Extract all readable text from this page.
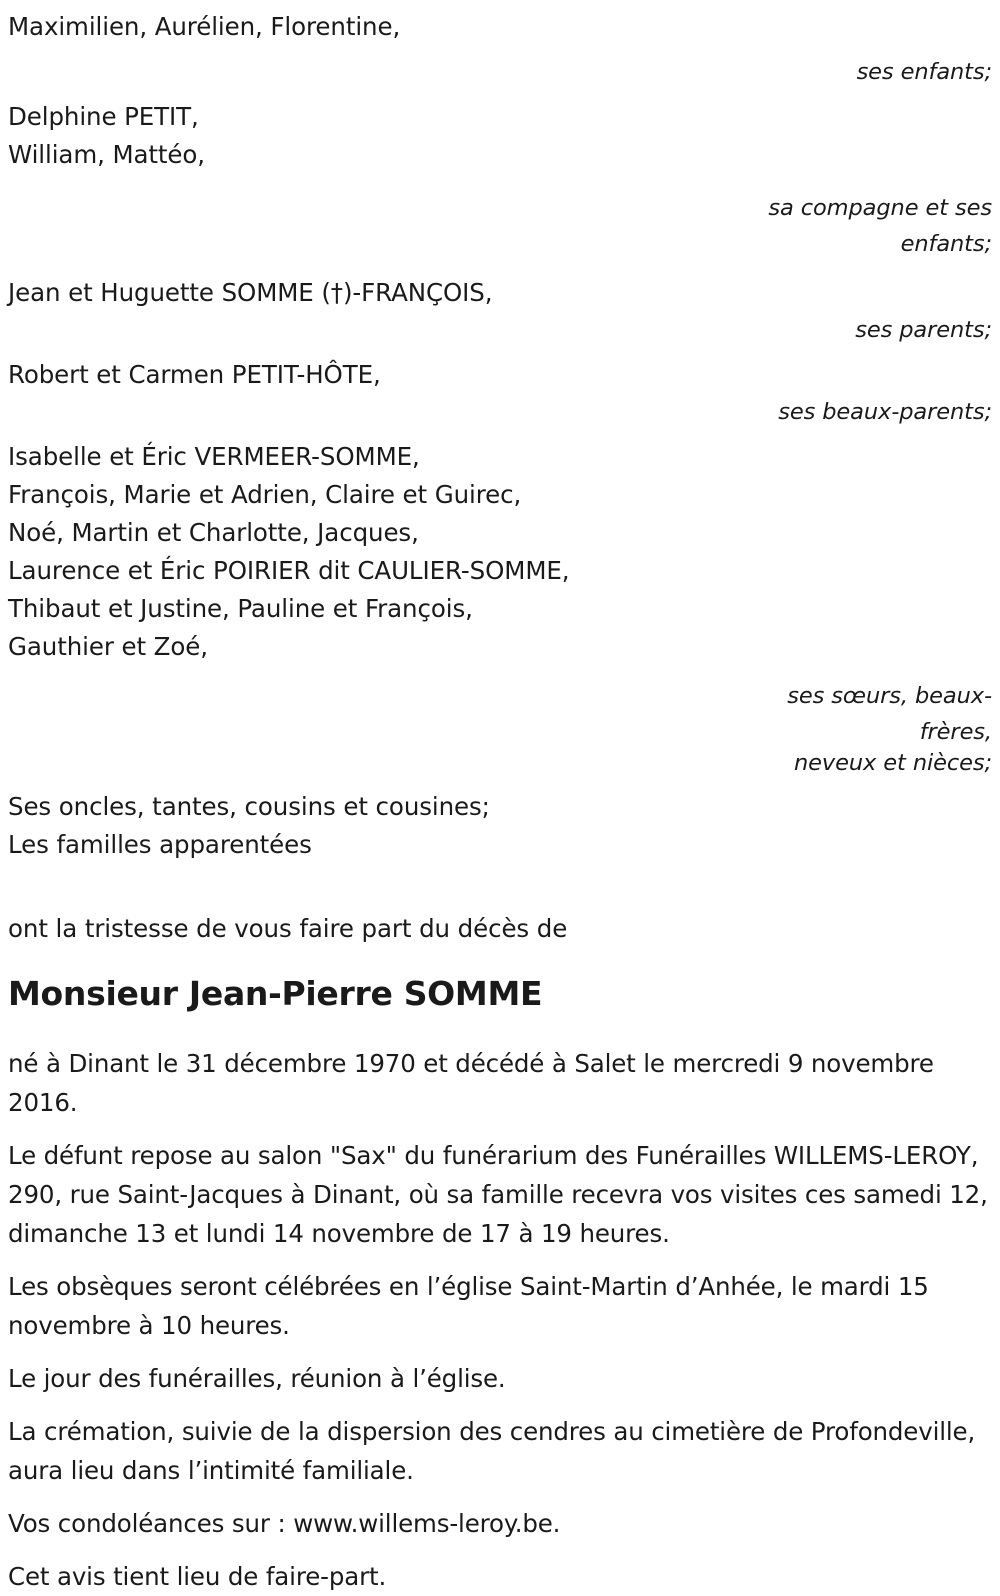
Maximilien, Aurélien, Florentine,
ses enfants;
Delphine PETIT,
William, Mattéo,
sa compagne et ses
enfants;
Jean et Huguette SOMME (†)-FRANÇOIS,
ses parents;
Robert et Carmen PETIT-HÔTE,
ses beaux-parents;
Isabelle et Éric VERMEER-SOMME,
François, Marie et Adrien, Claire et Guirec,
Noé, Martin et Charlotte, Jacques,
Laurence et Éric POIRIER dit CAULIER-SOMME,
Thibaut et Justine, Pauline et François,
Gauthier et Zoé,
ses sœurs, beaux-
frères,
neveux et nièces;
Ses oncles, tantes, cousins et cousines;
Les familles apparentées
ont la tristesse de vous faire part du décès de
Monsieur Jean-Pierre SOMME
né à Dinant le 31 décembre 1970 et décédé à Salet le mercredi 9 novembre 2016.
Le défunt repose au salon "Sax" du funérarium des Funérailles WILLEMS-LEROY, 290, rue Saint-Jacques à Dinant, où sa famille recevra vos visites ces samedi 12, dimanche 13 et lundi 14 novembre de 17 à 19 heures.
Les obsèques seront célébrées en l’église Saint-Martin d’Anhée, le mardi 15 novembre à 10 heures.
Le jour des funérailles, réunion à l’église.
La crémation, suivie de la dispersion des cendres au cimetière de Profondeville, aura lieu dans l’intimité familiale.
Vos condoléances sur : www.willems-leroy.be.
Cet avis tient lieu de faire-part.
